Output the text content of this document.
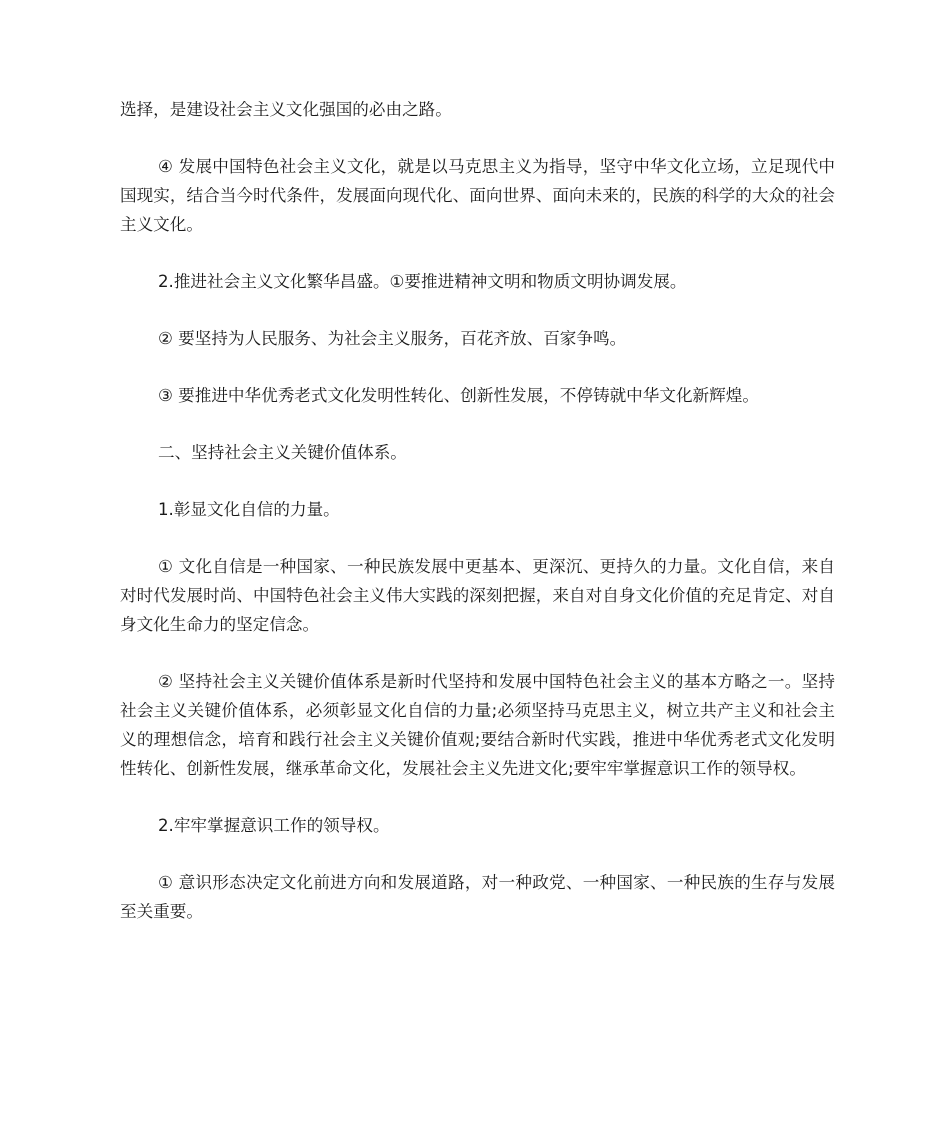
选择，是建设社会主义文化强国的必由之路。

④ 发展中国特色社会主义文化，就是以马克思主义为指导，坚守中华文化立场，立足现代中国现实，结合当今时代条件，发展面向现代化、面向世界、面向未来的，民族的科学的大众的社会主义文化。

2.推进社会主义文化繁华昌盛。①要推进精神文明和物质文明协调发展。

② 要坚持为人民服务、为社会主义服务，百花齐放、百家争鸣。

③ 要推进中华优秀老式文化发明性转化、创新性发展，不停铸就中华文化新辉煌。

二、坚持社会主义关键价值体系。

1.彰显文化自信的力量。

① 文化自信是一种国家、一种民族发展中更基本、更深沉、更持久的力量。文化自信，来自对时代发展时尚、中国特色社会主义伟大实践的深刻把握，来自对自身文化价值的充足肯定、对自身文化生命力的坚定信念。

② 坚持社会主义关键价值体系是新时代坚持和发展中国特色社会主义的基本方略之一。坚持社会主义关键价值体系，必须彰显文化自信的力量;必须坚持马克思主义，树立共产主义和社会主义的理想信念，培育和践行社会主义关键价值观;要结合新时代实践，推进中华优秀老式文化发明性转化、创新性发展，继承革命文化，发展社会主义先进文化;要牢牢掌握意识工作的领导权。

2.牢牢掌握意识工作的领导权。

① 意识形态决定文化前进方向和发展道路，对一种政党、一种国家、一种民族的生存与发展至关重要。
